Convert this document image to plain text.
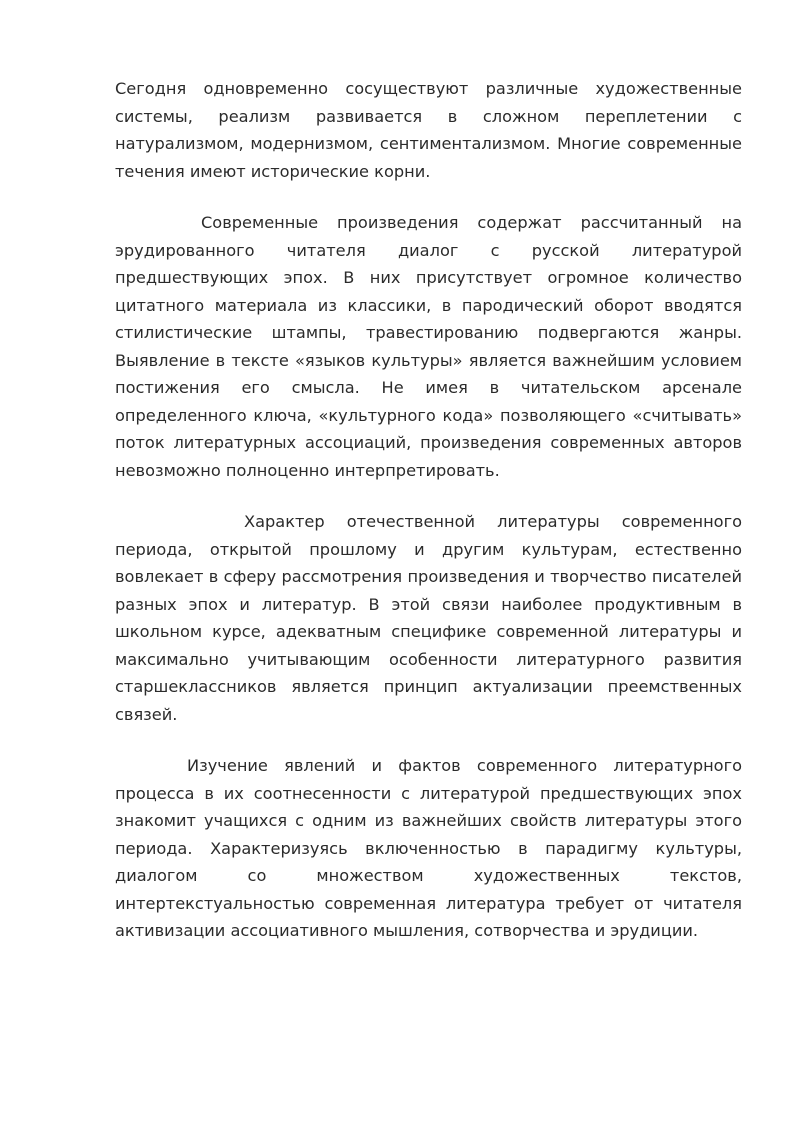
Сегодня одновременно сосуществуют различные художественные системы, реализм развивается в сложном переплетении с натурализмом, модернизмом, сентиментализмом. Многие современные течения имеют исторические корни.

Современные произведения содержат рассчитанный на эрудированного читателя диалог с русской литературой предшествующих эпох. В них присутствует огромное количество цитатного материала из классики, в пародический оборот вводятся стилистические штампы, травестированию подвергаются жанры. Выявление в тексте «языков культуры» является важнейшим условием постижения его смысла. Не имея в читательском арсенале определенного ключа, «культурного кода» позволяющего «считывать» поток литературных ассоциаций, произведения современных авторов невозможно полноценно интерпретировать.

Характер отечественной литературы современного периода, открытой прошлому и другим культурам, естественно вовлекает в сферу рассмотрения произведения и творчество писателей разных эпох и литератур. В этой связи наиболее продуктивным в школьном курсе, адекватным специфике современной литературы и максимально учитывающим особенности литературного развития старшеклассников является принцип актуализации преемственных связей.

Изучение явлений и фактов современного литературного процесса в их соотнесенности с литературой предшествующих эпох знакомит учащихся с одним из важнейших свойств литературы этого периода. Характеризуясь включенностью в парадигму культуры, диалогом со множеством художественных текстов, интертекстуальностью современная литература требует от читателя активизации ассоциативного мышления, сотворчества и эрудиции.
